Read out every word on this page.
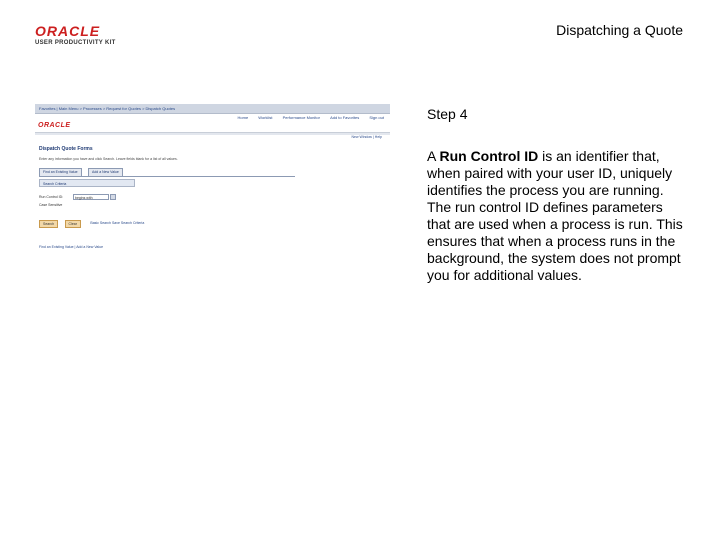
ORACLE
USER PRODUCTIVITY KIT
Dispatching a Quote
Favorites | Main Menu > Processes > Request for Quotes > Dispatch Quotes
Home	Worklist	Performance Monitor	Add to Favorites	Sign out
ORACLE
New Window | Help
Dispatch Quote Forms
Enter any information you have and click Search. Leave fields blank for a list of all values.
Find an Existing Value	Add a New Value
Search Criteria
Run Control ID:	begins with
Case Sensitive
Search	Clear	Basic Search Save Search Criteria
Find an Existing Value | Add a New Value
Step 4
A Run Control ID is an identifier that, when paired with your user ID, uniquely identifies the process you are running. The run control ID defines parameters that are used when a process is run. This ensures that when a process runs in the background, the system does not prompt you for additional values.
